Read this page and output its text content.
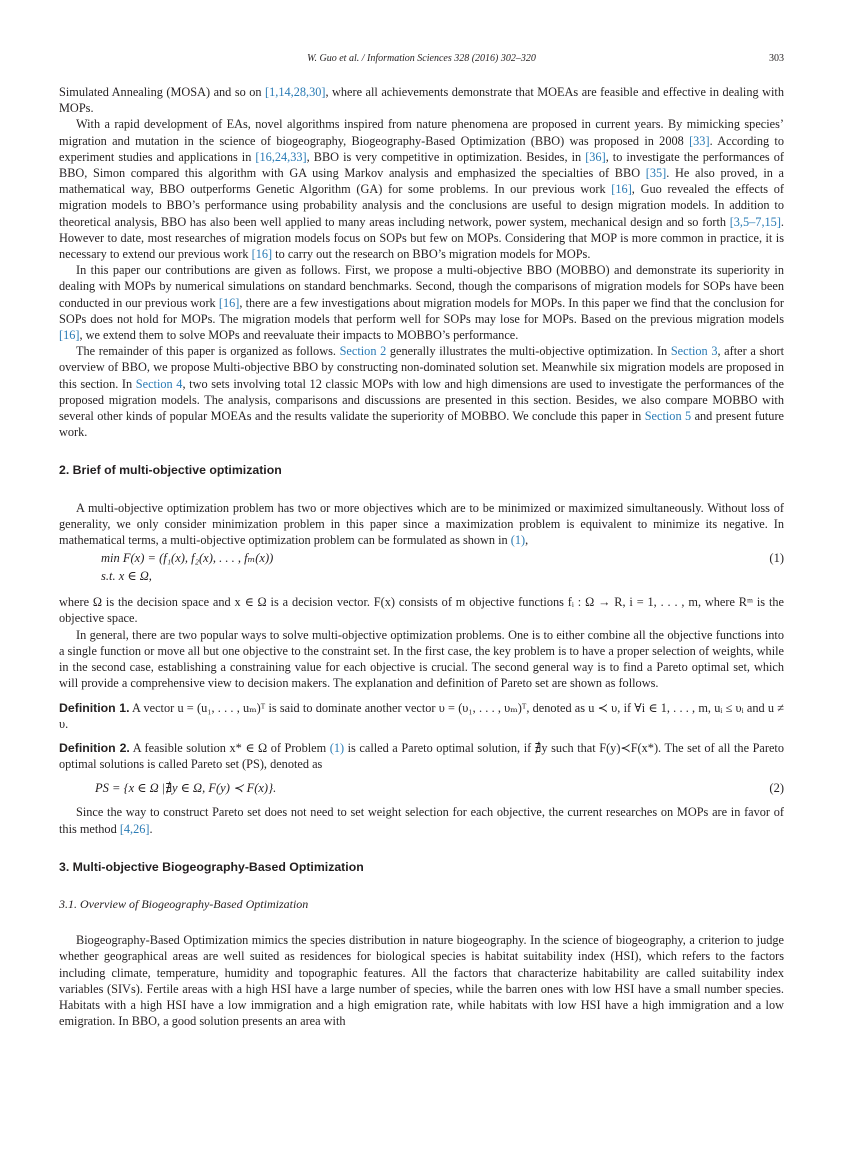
W. Guo et al. / Information Sciences 328 (2016) 302–320	303

Simulated Annealing (MOSA) and so on [1,14,28,30], where all achievements demonstrate that MOEAs are feasible and effective in dealing with MOPs.

With a rapid development of EAs, novel algorithms inspired from nature phenomena are proposed in current years. By mimicking species’ migration and mutation in the science of biogeography, Biogeography-Based Optimization (BBO) was proposed in 2008 [33]. According to experiment studies and applications in [16,24,33], BBO is very competitive in optimization. Besides, in [36], to investigate the performances of BBO, Simon compared this algorithm with GA using Markov analysis and emphasized the specialties of BBO [35]. He also proved, in a mathematical way, BBO outperforms Genetic Algorithm (GA) for some problems. In our previous work [16], Guo revealed the effects of migration models to BBO’s performance using probability analysis and the conclusions are useful to design migration models. In addition to theoretical analysis, BBO has also been well applied to many areas including network, power system, mechanical design and so forth [3,5–7,15]. However to date, most researches of migration models focus on SOPs but few on MOPs. Considering that MOP is more common in practice, it is necessary to extend our previous work [16] to carry out the research on BBO’s migration models for MOPs.

In this paper our contributions are given as follows. First, we propose a multi-objective BBO (MOBBO) and demonstrate its superiority in dealing with MOPs by numerical simulations on standard benchmarks. Second, though the comparisons of migration models for SOPs have been conducted in our previous work [16], there are a few investigations about migration models for MOPs. In this paper we find that the conclusion for SOPs does not hold for MOPs. The migration models that perform well for SOPs may lose for MOPs. Based on the previous migration models [16], we extend them to solve MOPs and reevaluate their impacts to MOBBO’s performance.

The remainder of this paper is organized as follows. Section 2 generally illustrates the multi-objective optimization. In Section 3, after a short overview of BBO, we propose Multi-objective BBO by constructing non-dominated solution set. Meanwhile six migration models are proposed in this section. In Section 4, two sets involving total 12 classic MOPs with low and high dimensions are used to investigate the performances of the proposed migration models. The analysis, comparisons and discussions are presented in this section. Besides, we also compare MOBBO with several other kinds of popular MOEAs and the results validate the superiority of MOBBO. We conclude this paper in Section 5 and present future work.

2. Brief of multi-objective optimization

A multi-objective optimization problem has two or more objectives which are to be minimized or maximized simultaneously. Without loss of generality, we only consider minimization problem in this paper since a maximization problem is equivalent to minimize its negative. In mathematical terms, a multi-objective optimization problem can be formulated as shown in (1),

min F(x) = (f₁(x), f₂(x), . . . , fₘ(x))	(1)
s.t. x ∈ Ω,

where Ω is the decision space and x ∈ Ω is a decision vector. F(x) consists of m objective functions fᵢ : Ω → R, i = 1, . . . , m, where Rᵐ is the objective space.

In general, there are two popular ways to solve multi-objective optimization problems. One is to either combine all the objective functions into a single function or move all but one objective to the constraint set. In the first case, the key problem is to have a proper selection of weights, while in the second case, establishing a constraining value for each objective is crucial. The second general way is to find a Pareto optimal set, which will provide a comprehensive view to decision makers. The explanation and definition of Pareto set are shown as follows.

Definition 1. A vector u = (u₁, . . . , uₘ)ᵀ is said to dominate another vector υ = (υ₁, . . . , υₘ)ᵀ, denoted as u ≺ υ, if ∀i ∈ 1, . . . , m, uᵢ ≤ υᵢ and u ≠ υ.

Definition 2. A feasible solution x* ∈ Ω of Problem (1) is called a Pareto optimal solution, if ∄y such that F(y)≺F(x*). The set of all the Pareto optimal solutions is called Pareto set (PS), denoted as

PS = {x ∈ Ω |∄y ∈ Ω, F(y) ≺ F(x)}.	(2)

Since the way to construct Pareto set does not need to set weight selection for each objective, the current researches on MOPs are in favor of this method [4,26].

3. Multi-objective Biogeography-Based Optimization
3.1. Overview of Biogeography-Based Optimization

Biogeography-Based Optimization mimics the species distribution in nature biogeography. In the science of biogeography, a criterion to judge whether geographical areas are well suited as residences for biological species is habitat suitability index (HSI), which refers to the factors including climate, temperature, humidity and topographic features. All the factors that characterize habitability are called suitability index variables (SIVs). Fertile areas with a high HSI have a large number of species, while the barren ones with low HSI have a small number species. Habitats with a high HSI have a low immigration and a high emigration rate, while habitats with low HSI have a high immigration and a low emigration. In BBO, a good solution presents an area with
